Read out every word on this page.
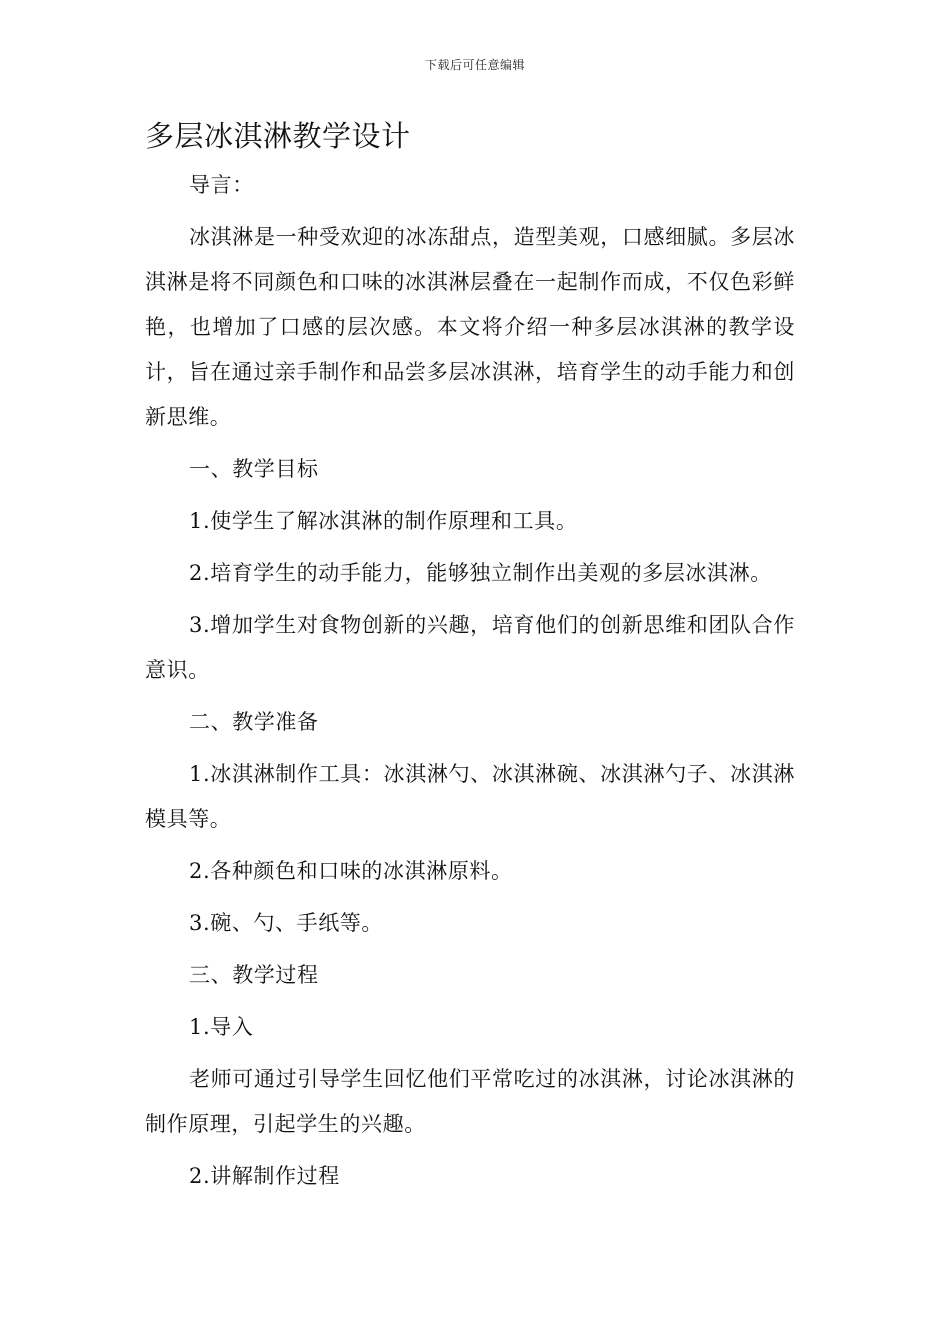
下载后可任意编辑
多层冰淇淋教学设计

导言：

冰淇淋是一种受欢迎的冰冻甜点，造型美观，口感细腻。多层冰淇淋是将不同颜色和口味的冰淇淋层叠在一起制作而成，不仅色彩鲜艳，也增加了口感的层次感。本文将介绍一种多层冰淇淋的教学设计，旨在通过亲手制作和品尝多层冰淇淋，培育学生的动手能力和创新思维。

一、教学目标

1.使学生了解冰淇淋的制作原理和工具。

2.培育学生的动手能力，能够独立制作出美观的多层冰淇淋。

3.增加学生对食物创新的兴趣，培育他们的创新思维和团队合作意识。

二、教学准备

1.冰淇淋制作工具：冰淇淋勺、冰淇淋碗、冰淇淋勺子、冰淇淋模具等。

2.各种颜色和口味的冰淇淋原料。

3.碗、勺、手纸等。

三、教学过程

1.导入

老师可通过引导学生回忆他们平常吃过的冰淇淋，讨论冰淇淋的制作原理，引起学生的兴趣。

2.讲解制作过程
